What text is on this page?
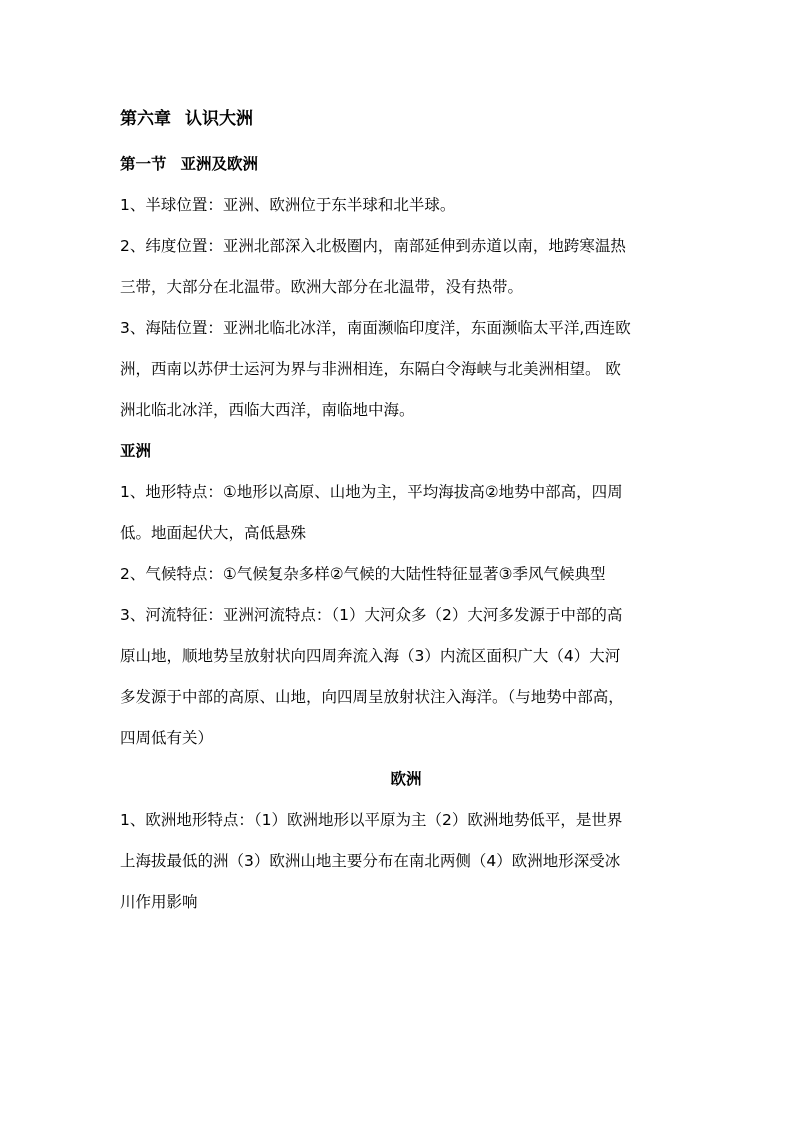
第六章 认识大洲
第一节 亚洲及欧洲
1、半球位置：亚洲、欧洲位于东半球和北半球。
2、纬度位置：亚洲北部深入北极圈内，南部延伸到赤道以南，地跨寒温热
三带，大部分在北温带。欧洲大部分在北温带，没有热带。
3、海陆位置：亚洲北临北冰洋，南面濒临印度洋，东面濒临太平洋,西连欧
洲，西南以苏伊士运河为界与非洲相连，东隔白令海峡与北美洲相望。 欧
洲北临北冰洋，西临大西洋，南临地中海。
亚洲
1、地形特点：①地形以高原、山地为主，平均海拔高②地势中部高，四周
低。地面起伏大，高低悬殊
2、气候特点：①气候复杂多样②气候的大陆性特征显著③季风气候典型
3、河流特征：亚洲河流特点：（1）大河众多（2）大河多发源于中部的高
原山地，顺地势呈放射状向四周奔流入海（3）内流区面积广大（4）大河
多发源于中部的高原、山地，向四周呈放射状注入海洋。（与地势中部高，
四周低有关）
欧洲
1、欧洲地形特点：（1）欧洲地形以平原为主（2）欧洲地势低平，是世界
上海拔最低的洲（3）欧洲山地主要分布在南北两侧（4）欧洲地形深受冰
川作用影响
